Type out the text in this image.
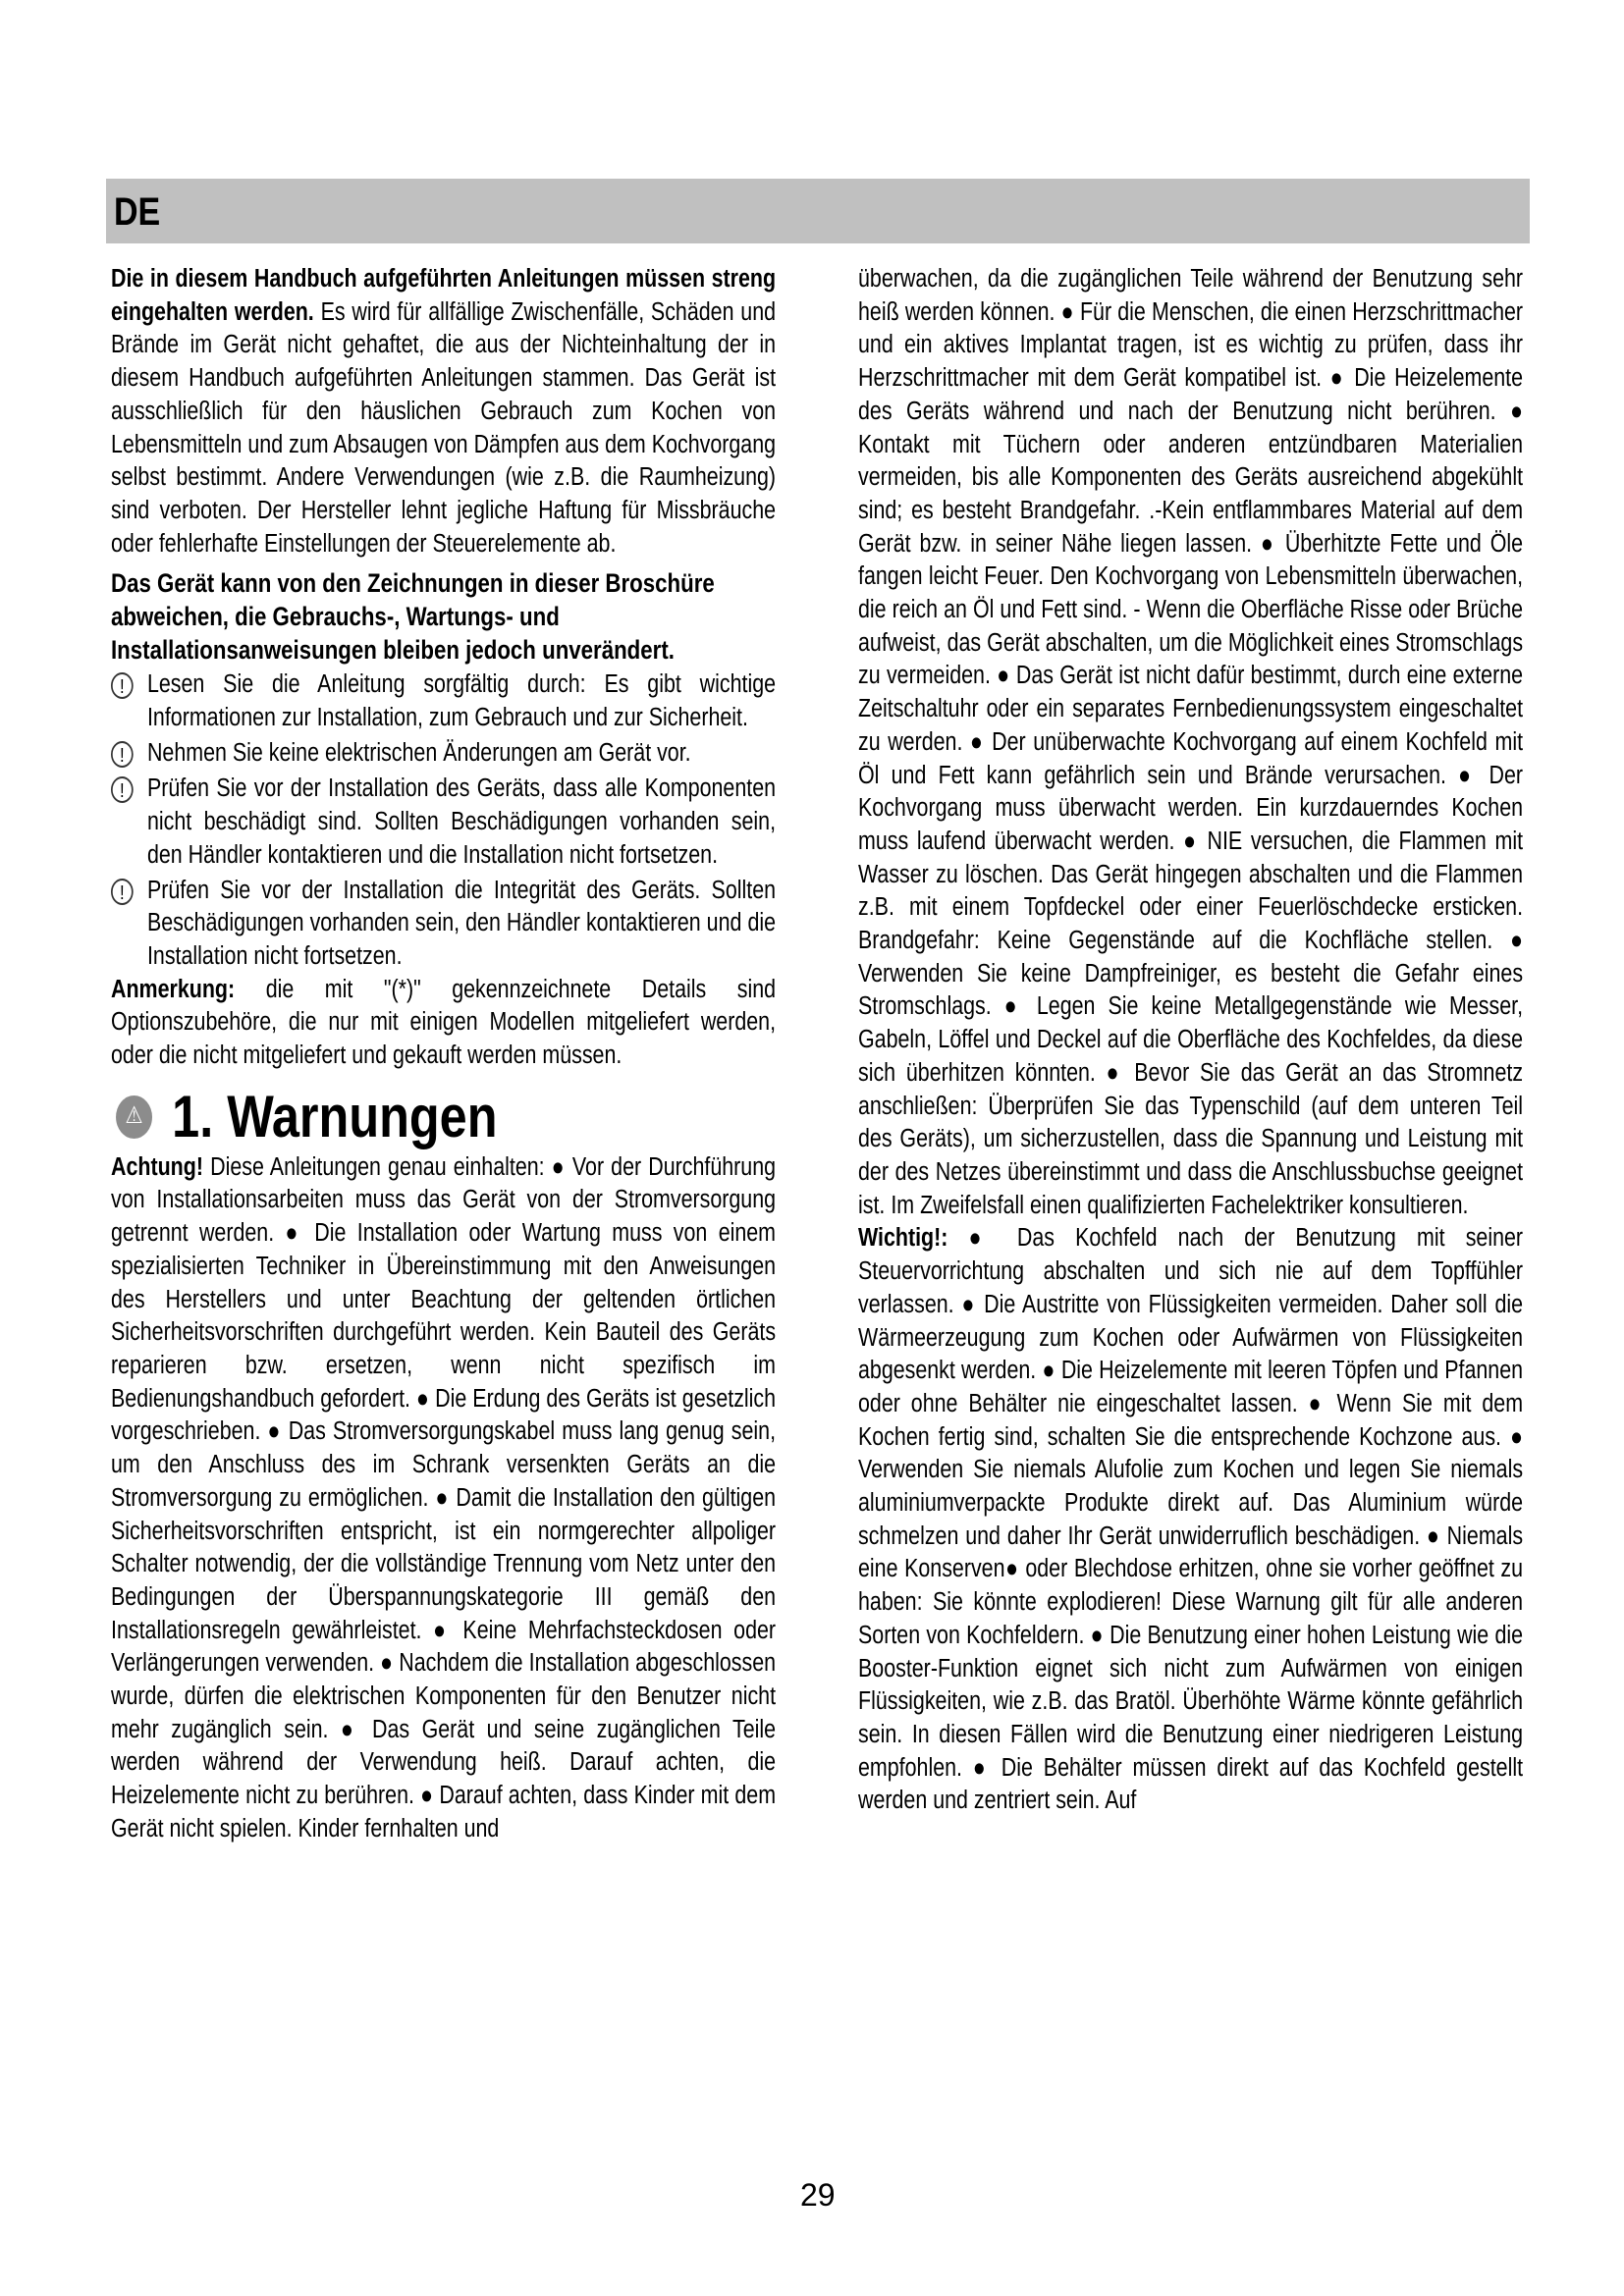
DE

Die in diesem Handbuch aufgeführten Anleitungen müssen streng eingehalten werden. Es wird für allfällige Zwischenfälle, Schäden und Brände im Gerät nicht gehaftet, die aus der Nichteinhaltung der in diesem Handbuch aufgeführten Anleitungen stammen. Das Gerät ist ausschließlich für den häuslichen Gebrauch zum Kochen von Lebensmitteln und zum Absaugen von Dämpfen aus dem Kochvorgang selbst bestimmt. Andere Verwendungen (wie z.B. die Raumheizung) sind verboten. Der Hersteller lehnt jegliche Haftung für Missbräuche oder fehlerhafte Einstellungen der Steuerelemente ab.

Das Gerät kann von den Zeichnungen in dieser Broschüre abweichen, die Gebrauchs-, Wartungs- und Installationsanweisungen bleiben jedoch unverändert.

! Lesen Sie die Anleitung sorgfältig durch: Es gibt wichtige Informationen zur Installation, zum Gebrauch und zur Sicherheit.

! Nehmen Sie keine elektrischen Änderungen am Gerät vor.

! Prüfen Sie vor der Installation des Geräts, dass alle Komponenten nicht beschädigt sind. Sollten Beschädigungen vorhanden sein, den Händler kontaktieren und die Installation nicht fortsetzen.

! Prüfen Sie vor der Installation die Integrität des Geräts. Sollten Beschädigungen vorhanden sein, den Händler kontaktieren und die Installation nicht fortsetzen.

Anmerkung: die mit "(*)" gekennzeichnete Details sind Optionszubehöre, die nur mit einigen Modellen mitgeliefert werden, oder die nicht mitgeliefert und gekauft werden müssen.

⚠ 1. Warnungen

Achtung! Diese Anleitungen genau einhalten: ● Vor der Durchführung von Installationsarbeiten muss das Gerät von der Stromversorgung getrennt werden. ● Die Installation oder Wartung muss von einem spezialisierten Techniker in Übereinstimmung mit den Anweisungen des Herstellers und unter Beachtung der geltenden örtlichen Sicherheitsvorschriften durchgeführt werden. Kein Bauteil des Geräts reparieren bzw. ersetzen, wenn nicht spezifisch im Bedienungshandbuch gefordert. ● Die Erdung des Geräts ist gesetzlich vorgeschrieben. ● Das Stromversorgungskabel muss lang genug sein, um den Anschluss des im Schrank versenkten Geräts an die Stromversorgung zu ermöglichen. ● Damit die Installation den gültigen Sicherheitsvorschriften entspricht, ist ein normgerechter allpoliger Schalter notwendig, der die vollständige Trennung vom Netz unter den Bedingungen der Überspannungskategorie III gemäß den Installationsregeln gewährleistet. ● Keine Mehrfachsteckdosen oder Verlängerungen verwenden. ● Nachdem die Installation abgeschlossen wurde, dürfen die elektrischen Komponenten für den Benutzer nicht mehr zugänglich sein. ● Das Gerät und seine zugänglichen Teile werden während der Verwendung heiß. Darauf achten, die Heizelemente nicht zu berühren. ● Darauf achten, dass Kinder mit dem Gerät nicht spielen. Kinder fernhalten und

überwachen, da die zugänglichen Teile während der Benutzung sehr heiß werden können. ● Für die Menschen, die einen Herzschrittmacher und ein aktives Implantat tragen, ist es wichtig zu prüfen, dass ihr Herzschrittmacher mit dem Gerät kompatibel ist. ● Die Heizelemente des Geräts während und nach der Benutzung nicht berühren. ● Kontakt mit Tüchern oder anderen entzündbaren Materialien vermeiden, bis alle Komponenten des Geräts ausreichend abgekühlt sind; es besteht Brandgefahr. .-Kein entflammbares Material auf dem Gerät bzw. in seiner Nähe liegen lassen. ● Überhitzte Fette und Öle fangen leicht Feuer. Den Kochvorgang von Lebensmitteln überwachen, die reich an Öl und Fett sind. - Wenn die Oberfläche Risse oder Brüche aufweist, das Gerät abschalten, um die Möglichkeit eines Stromschlags zu vermeiden. ● Das Gerät ist nicht dafür bestimmt, durch eine externe Zeitschaltuhr oder ein separates Fernbedienungssystem eingeschaltet zu werden. ● Der unüberwachte Kochvorgang auf einem Kochfeld mit Öl und Fett kann gefährlich sein und Brände verursachen. ● Der Kochvorgang muss überwacht werden. Ein kurzdauerndes Kochen muss laufend überwacht werden. ● NIE versuchen, die Flammen mit Wasser zu löschen. Das Gerät hingegen abschalten und die Flammen z.B. mit einem Topfdeckel oder einer Feuerlöschdecke ersticken. Brandgefahr: Keine Gegenstände auf die Kochfläche stellen. ● Verwenden Sie keine Dampfreiniger, es besteht die Gefahr eines Stromschlags. ● Legen Sie keine Metallgegenstände wie Messer, Gabeln, Löffel und Deckel auf die Oberfläche des Kochfeldes, da diese sich überhitzen könnten. ● Bevor Sie das Gerät an das Stromnetz anschließen: Überprüfen Sie das Typenschild (auf dem unteren Teil des Geräts), um sicherzustellen, dass die Spannung und Leistung mit der des Netzes übereinstimmt und dass die Anschlussbuchse geeignet ist. Im Zweifelsfall einen qualifizierten Fachelektriker konsultieren.

Wichtig!: ● Das Kochfeld nach der Benutzung mit seiner Steuervorrichtung abschalten und sich nie auf dem Topffühler verlassen. ● Die Austritte von Flüssigkeiten vermeiden. Daher soll die Wärmeerzeugung zum Kochen oder Aufwärmen von Flüssigkeiten abgesenkt werden. ● Die Heizelemente mit leeren Töpfen und Pfannen oder ohne Behälter nie eingeschaltet lassen. ● Wenn Sie mit dem Kochen fertig sind, schalten Sie die entsprechende Kochzone aus. ● Verwenden Sie niemals Alufolie zum Kochen und legen Sie niemals aluminiumverpackte Produkte direkt auf. Das Aluminium würde schmelzen und daher Ihr Gerät unwiderruflich beschädigen. ● Niemals eine Konserven● oder Blechdose erhitzen, ohne sie vorher geöffnet zu haben: Sie könnte explodieren! Diese Warnung gilt für alle anderen Sorten von Kochfeldern. ● Die Benutzung einer hohen Leistung wie die Booster-Funktion eignet sich nicht zum Aufwärmen von einigen Flüssigkeiten, wie z.B. das Bratöl. Überhöhte Wärme könnte gefährlich sein. In diesen Fällen wird die Benutzung einer niedrigeren Leistung empfohlen. ● Die Behälter müssen direkt auf das Kochfeld gestellt werden und zentriert sein. Auf

29
